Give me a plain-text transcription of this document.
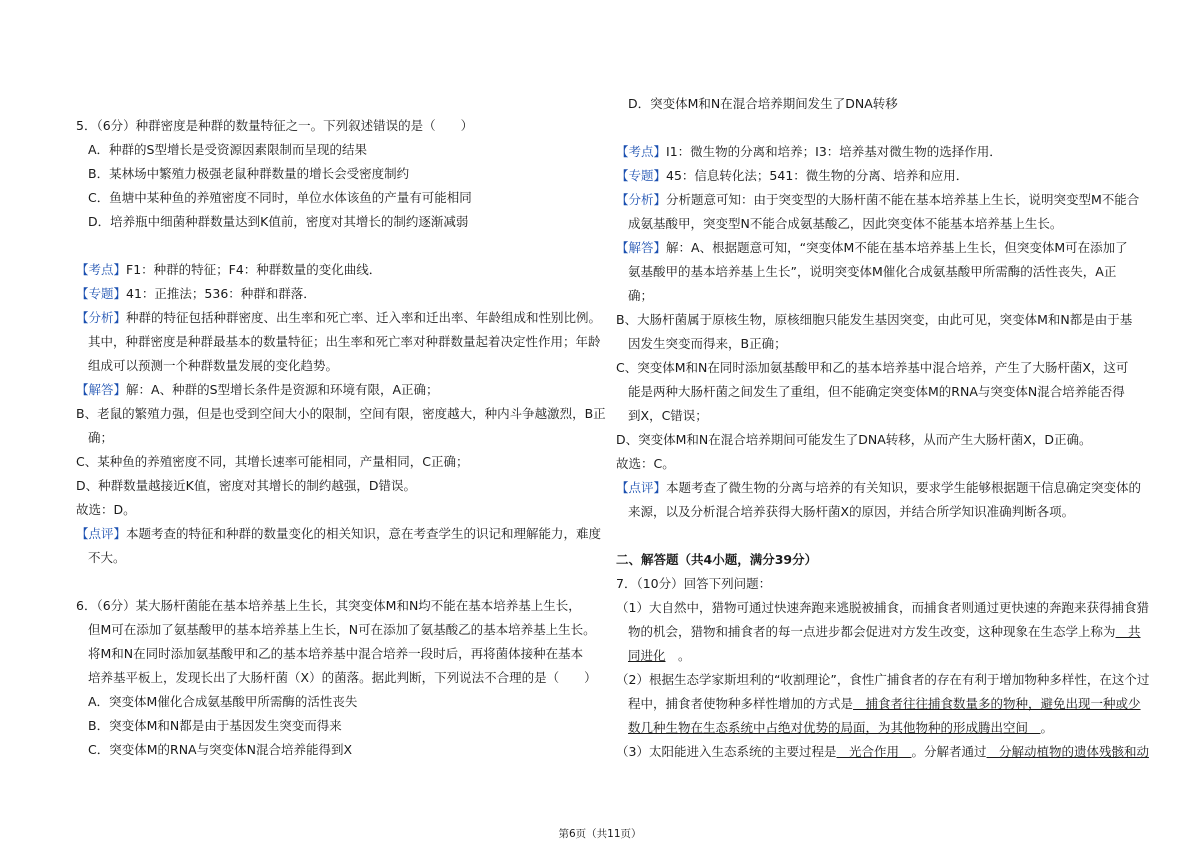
5．（6分）种群密度是种群的数量特征之一。下列叙述错误的是（　　）
A．种群的S型增长是受资源因素限制而呈现的结果
B．某林场中繁殖力极强老鼠种群数量的增长会受密度制约
C．鱼塘中某种鱼的养殖密度不同时，单位水体该鱼的产量有可能相同
D．培养瓶中细菌种群数量达到K值前，密度对其增长的制约逐渐减弱
【考点】F1：种群的特征；F4：种群数量的变化曲线．
【专题】41：正推法；536：种群和群落．
【分析】种群的特征包括种群密度、出生率和死亡率、迁入率和迁出率、年龄组成和性别比例。
其中，种群密度是种群最基本的数量特征；出生率和死亡率对种群数量起着决定性作用；年龄
组成可以预测一个种群数量发展的变化趋势。
【解答】解：A、种群的S型增长条件是资源和环境有限，A正确；
B、老鼠的繁殖力强，但是也受到空间大小的限制，空间有限，密度越大，种内斗争越激烈，B正
确；
C、某种鱼的养殖密度不同，其增长速率可能相同，产量相同，C正确；
D、种群数量越接近K值，密度对其增长的制约越强，D错误。
故选：D。
【点评】本题考查的特征和种群的数量变化的相关知识，意在考查学生的识记和理解能力，难度
不大。
6．（6分）某大肠杆菌能在基本培养基上生长，其突变体M和N均不能在基本培养基上生长，
但M可在添加了氨基酸甲的基本培养基上生长，N可在添加了氨基酸乙的基本培养基上生长。
将M和N在同时添加氨基酸甲和乙的基本培养基中混合培养一段时后，再将菌体接种在基本
培养基平板上，发现长出了大肠杆菌（X）的菌落。据此判断，下列说法不合理的是（　　）
A．突变体M催化合成氨基酸甲所需酶的活性丧失
B．突变体M和N都是由于基因发生突变而得来
C．突变体M的RNA与突变体N混合培养能得到X
D．突变体M和N在混合培养期间发生了DNA转移
【考点】I1：微生物的分离和培养；I3：培养基对微生物的选择作用．
【专题】45：信息转化法；541：微生物的分离、培养和应用．
【分析】分析题意可知：由于突变型的大肠杆菌不能在基本培养基上生长，说明突变型M不能合
成氨基酸甲，突变型N不能合成氨基酸乙，因此突变体不能基本培养基上生长。
【解答】解：A、根据题意可知，“突变体M不能在基本培养基上生长，但突变体M可在添加了
氨基酸甲的基本培养基上生长”，说明突变体M催化合成氨基酸甲所需酶的活性丧失，A正
确；
B、大肠杆菌属于原核生物，原核细胞只能发生基因突变，由此可见，突变体M和N都是由于基
因发生突变而得来，B正确；
C、突变体M和N在同时添加氨基酸甲和乙的基本培养基中混合培养，产生了大肠杆菌X，这可
能是两种大肠杆菌之间发生了重组，但不能确定突变体M的RNA与突变体N混合培养能否得
到X，C错误；
D、突变体M和N在混合培养期间可能发生了DNA转移，从而产生大肠杆菌X，D正确。
故选：C。
【点评】本题考查了微生物的分离与培养的有关知识，要求学生能够根据题干信息确定突变体的
来源，以及分析混合培养获得大肠杆菌X的原因，并结合所学知识准确判断各项。
二、解答题（共4小题，满分39分）
7．（10分）回答下列问题：
（1）大自然中，猎物可通过快速奔跑来逃脱被捕食，而捕食者则通过更快速的奔跑来获得捕食猎
物的机会，猎物和捕食者的每一点进步都会促进对方发生改变，这种现象在生态学上称为　共
同进化　 。
（2）根据生态学家斯坦利的“收割理论”，食性广捕食者的存在有利于增加物种多样性，在这个过
程中，捕食者使物种多样性增加的方式是　捕食者往往捕食数量多的物种，避免出现一种或少
数几种生物在生态系统中占绝对优势的局面，为其他物种的形成腾出空间　。
（3）太阳能进入生态系统的主要过程是　光合作用　。分解者通过　分解动植物的遗体残骸和动
第6页（共11页）
